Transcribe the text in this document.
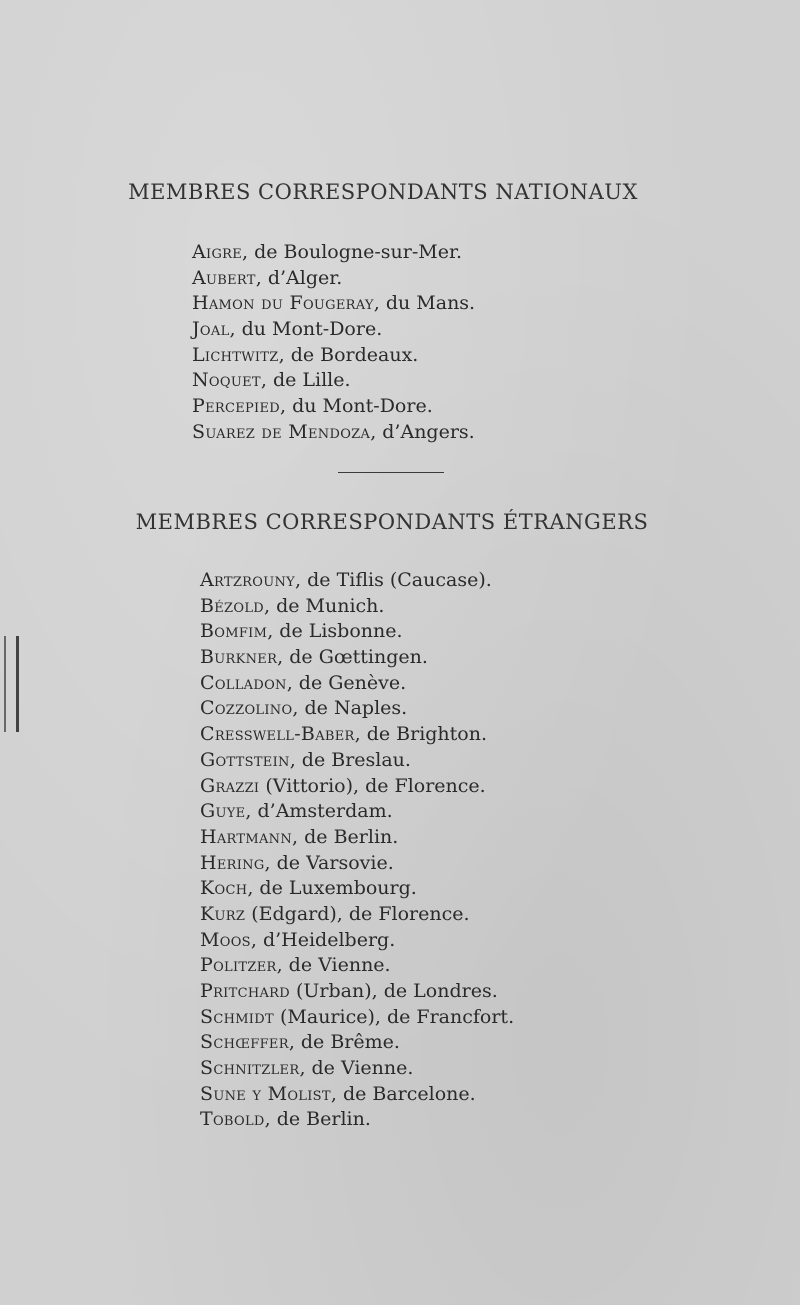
MEMBRES CORRESPONDANTS NATIONAUX
Aigre, de Boulogne-sur-Mer.
Aubert, d’Alger.
Hamon du Fougeray, du Mans.
Joal, du Mont-Dore.
Lichtwitz, de Bordeaux.
Noquet, de Lille.
Percepied, du Mont-Dore.
Suarez de Mendoza, d’Angers.
MEMBRES CORRESPONDANTS ÉTRANGERS
Artzrouny, de Tiflis (Caucase).
Bézold, de Munich.
Bomfim, de Lisbonne.
Burkner, de Gœttingen.
Colladon, de Genève.
Cozzolino, de Naples.
Cresswell-Baber, de Brighton.
Gottstein, de Breslau.
Grazzi (Vittorio), de Florence.
Guye, d’Amsterdam.
Hartmann, de Berlin.
Hering, de Varsovie.
Koch, de Luxembourg.
Kurz (Edgard), de Florence.
Moos, d’Heidelberg.
Politzer, de Vienne.
Pritchard (Urban), de Londres.
Schmidt (Maurice), de Francfort.
Schœffer, de Brême.
Schnitzler, de Vienne.
Sune y Molist, de Barcelone.
Tobold, de Berlin.
